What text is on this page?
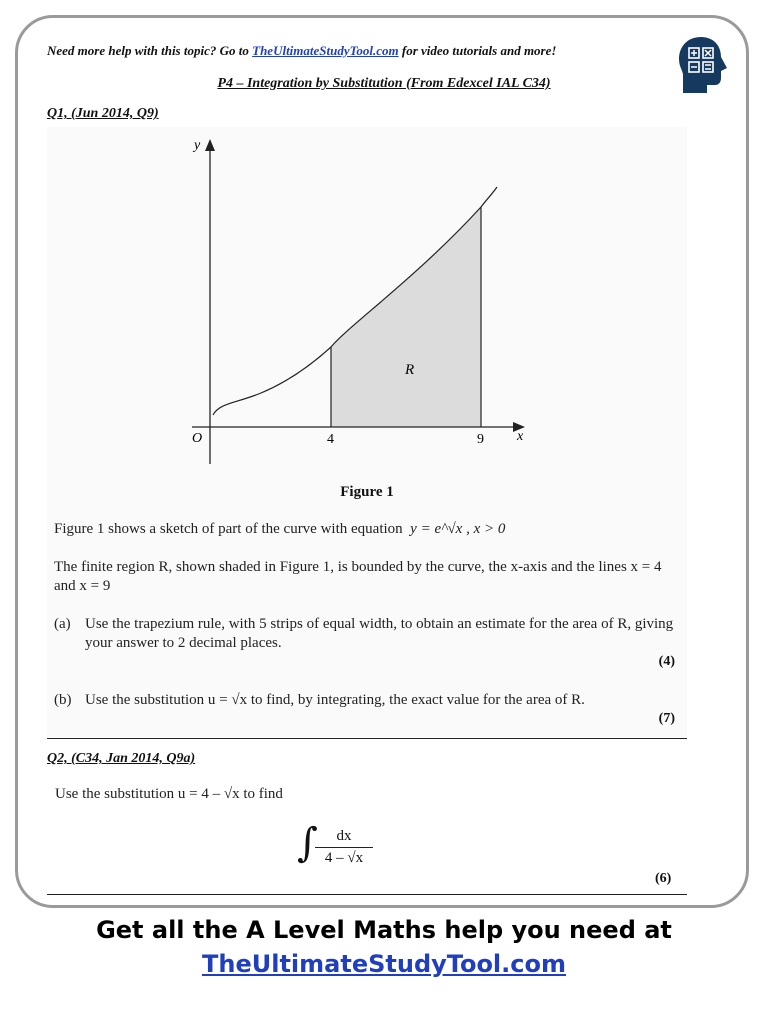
Need more help with this topic? Go to TheUltimateStudyTool.com for video tutorials and more!
P4 – Integration by Substitution (From Edexcel IAL C34)
Q1, (Jun 2014, Q9)
y
x
O	4	9
R
Figure 1
Figure 1 shows a sketch of part of the curve with equation y = e^√x , x > 0
The finite region R, shown shaded in Figure 1, is bounded by the curve, the x-axis and the lines x = 4 and x = 9
(a) Use the trapezium rule, with 5 strips of equal width, to obtain an estimate for the area of R, giving your answer to 2 decimal places.
(4)
(b) Use the substitution u = √x to find, by integrating, the exact value for the area of R.
(7)
Q2, (C34, Jan 2014, Q9a)
Use the substitution u = 4 – √x to find
∫
$\frac{dx}{4 - √x}$
(6)
Get all the A Level Maths help you need at
TheUltimateStudyTool.com
